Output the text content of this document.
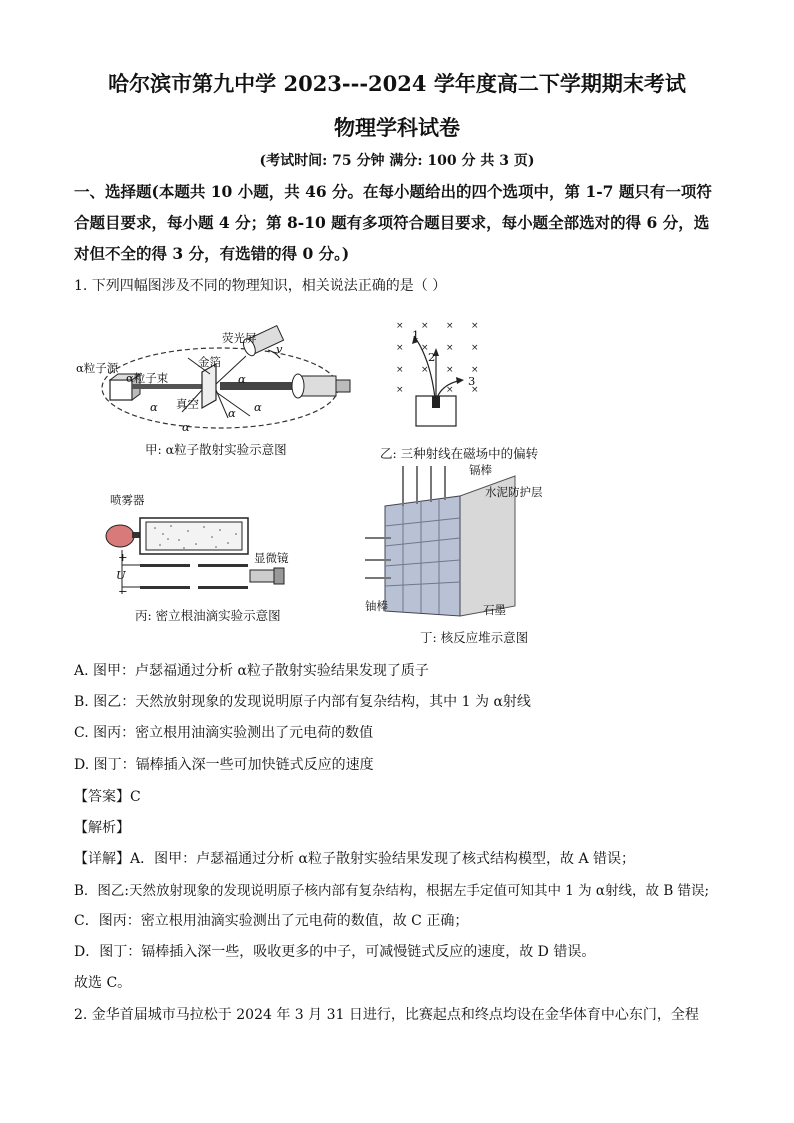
哈尔滨市第九中学 2023---2024 学年度高二下学期期末考试
物理学科试卷
(考试时间: 75 分钟 满分: 100 分 共 3 页)
一、选择题(本题共 10 小题，共 46 分。在每小题给出的四个选项中，第 1-7 题只有一项符
合题目要求，每小题 4 分；第 8-10 题有多项符合题目要求，每小题全部选对的得 6 分，选
对但不全的得 3 分，有选错的得 0 分。)
1. 下列四幅图涉及不同的物理知识，相关说法正确的是（ ）
荧光屏
金箔
α粒子源
α粒子束
真空
v
α
α	α α
α
甲: α粒子散射实验示意图
× × × ×
× × × ×
× × × ×
×	× ×
1
2
3
乙: 三种射线在磁场中的偏转
喷雾器
显微镜
+
U
−
丙: 密立根油滴实验示意图
镉棒
水泥防护层
铀棒	石墨
丁: 核反应堆示意图
A. 图甲：卢瑟福通过分析 α粒子散射实验结果发现了质子
B. 图乙：天然放射现象的发现说明原子内部有复杂结构，其中 1 为 α射线
C. 图丙：密立根用油滴实验测出了元电荷的数值
D. 图丁：镉棒插入深一些可加快链式反应的速度
【答案】C
【解析】
【详解】A．图甲：卢瑟福通过分析 α粒子散射实验结果发现了核式结构模型，故 A 错误；
B．图乙:天然放射现象的发现说明原子核内部有复杂结构，根据左手定值可知其中 1 为 α射线，故 B 错误;
C．图丙：密立根用油滴实验测出了元电荷的数值，故 C 正确；
D．图丁：镉棒插入深一些，吸收更多的中子，可减慢链式反应的速度，故 D 错误。
故选 C。
2. 金华首届城市马拉松于 2024 年 3 月 31 日进行，比赛起点和终点均设在金华体育中心东门，全程
